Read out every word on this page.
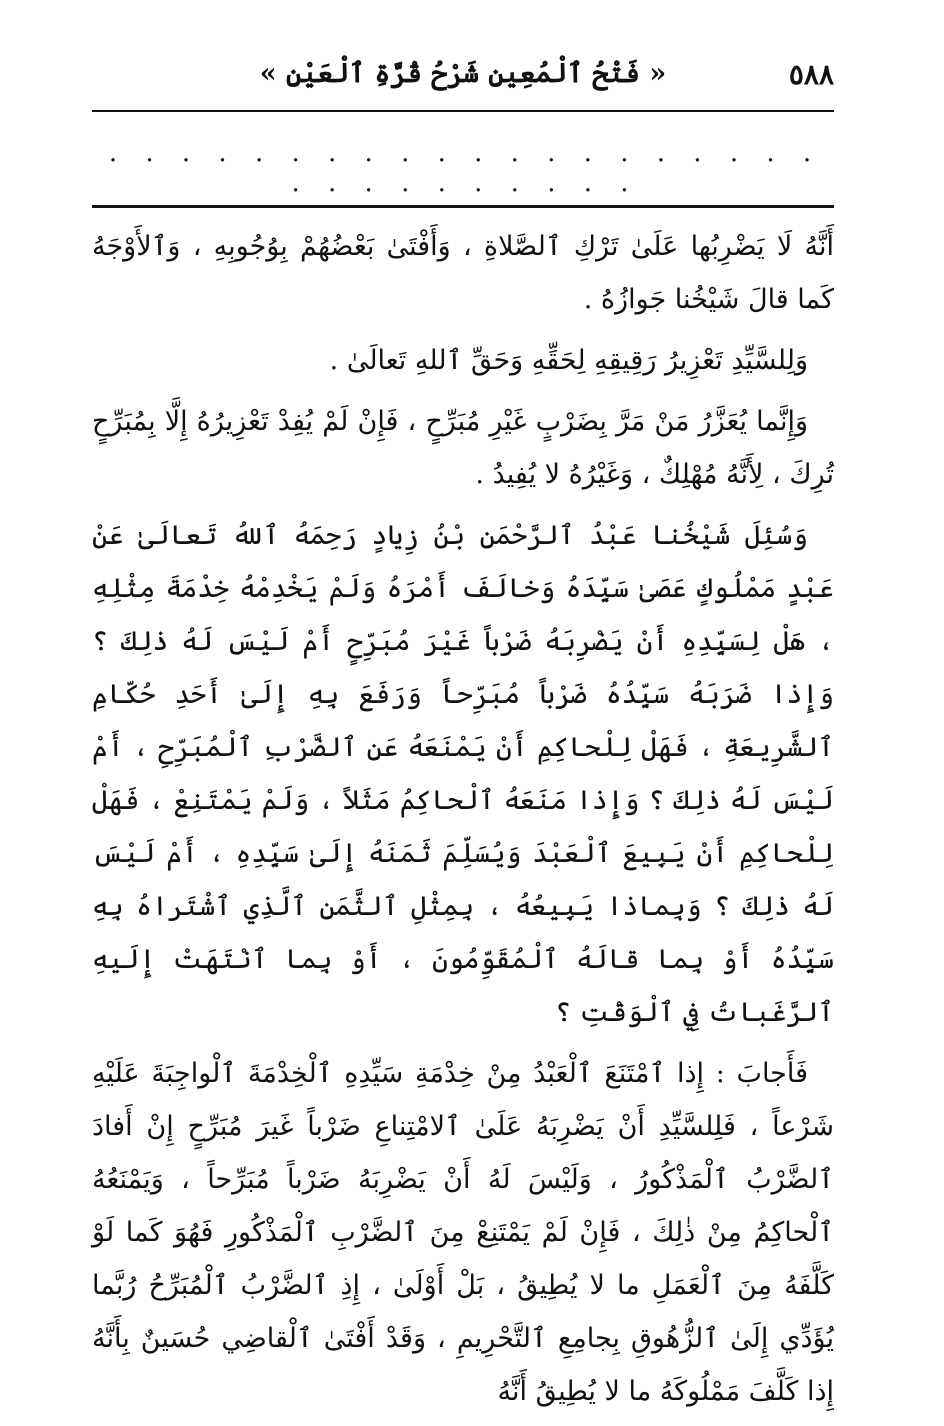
٥٨٨
« فَتْحُ ٱلْمُعِينِ شَرْحُ قُرَّةِ ٱلْعَيْنِ »
. . . . . . . . . . . . . . . . . . . . . . . . . . . . . .

أَنَّهُ لَا يَضْرِبُها عَلَىٰ تَرْكِ ٱلصَّلاةِ ، وَأَفْتَىٰ بَعْضُهُمْ بِوُجُوبِهِ ، وَٱلأَوْجَهُ كَما قالَ شَيْخُنا جَوازُهُ .

وَلِلسَّيِّدِ تَعْزِيرُ رَقِيقِهِ لِحَقِّهِ وَحَقِّ ٱللهِ تَعالَىٰ .

وَإِنَّما يُعَزَّرُ مَنْ مَرَّ بِضَرْبٍ غَيْرِ مُبَرِّحٍ ، فَإِنْ لَمْ يُفِدْ تَعْزِيرُهُ إِلَّا بِمُبَرِّحٍ تُرِكَ ، لِأَنَّهُ مُهْلِكٌ ، وَغَيْرُهُ لا يُفِيدُ .

وَسُئِلَ شَيْخُنا عَبْدُ ٱلرَّحْمَنِ بْنُ زِيادٍ رَحِمَهُ ٱللهُ تَعالَىٰ عَنْ عَبْدٍ مَمْلُوكٍ عَصَىٰ سَيِّدَهُ وَخالَفَ أَمْرَهُ وَلَمْ يَخْدِمْهُ خِدْمَةَ مِثْلِهِ ، هَلْ لِسَيِّدِهِ أَنْ يَضْرِبَهُ ضَرْباً غَيْرَ مُبَرِّحٍ أَمْ لَيْسَ لَهُ ذٰلِكَ ؟ وَإِذا ضَرَبَهُ سَيِّدُهُ ضَرْباً مُبَرِّحاً وَرَفَعَ بِهِ إِلَىٰ أَحَدِ حُكّامِ ٱلشَّرِيعَةِ ، فَهَلْ لِلْحاكِمِ أَنْ يَمْنَعَهُ عَنِ ٱلضَّرْبِ ٱلْمُبَرِّحِ ، أَمْ لَيْسَ لَهُ ذٰلِكَ ؟ وَإِذا مَنَعَهُ ٱلْحاكِمُ مَثَلاً ، وَلَمْ يَمْتَنِعْ ، فَهَلْ لِلْحاكِمِ أَنْ يَبِيعَ ٱلْعَبْدَ وَيُسَلِّمَ ثَمَنَهُ إِلَىٰ سَيِّدِهِ ، أَمْ لَيْسَ لَهُ ذٰلِكَ ؟ وَبِماذا يَبِيعُهُ ، بِمِثْلِ ٱلثَّمَنِ ٱلَّذِي ٱشْتَراهُ بِهِ سَيِّدُهُ أَوْ بِما قالَهُ ٱلْمُقَوِّمُونَ ، أَوْ بِما ٱنْتَهَتْ إِلَيهِ ٱلرَّغَباتُ فِي ٱلْوَقْتِ ؟

فَأَجابَ : إِذا ٱمْتَنَعَ ٱلْعَبْدُ مِنْ خِدْمَةِ سَيِّدِهِ ٱلْخِدْمَةَ ٱلْواجِبَةَ عَلَيْهِ شَرْعاً ، فَلِلسَّيِّدِ أَنْ يَضْرِبَهُ عَلَىٰ ٱلامْتِناعِ ضَرْباً غَيرَ مُبَرِّحٍ إِنْ أَفادَ ٱلضَّرْبُ ٱلْمَذْكُورُ ، وَلَيْسَ لَهُ أَنْ يَضْرِبَهُ ضَرْباً مُبَرِّحاً ، وَيَمْنَعُهُ ٱلْحاكِمُ مِنْ ذٰلِكَ ، فَإِنْ لَمْ يَمْتَنِعْ مِنَ ٱلضَّرْبِ ٱلْمَذْكُورِ فَهُوَ كَما لَوْ كَلَّفَهُ مِنَ ٱلْعَمَلِ ما لا يُطِيقُ ، بَلْ أَوْلَىٰ ، إِذِ ٱلضَّرْبُ ٱلْمُبَرِّحُ رُبَّما يُؤَدِّي إِلَىٰ ٱلزُّهُوقِ بِجامِعِ ٱلتَّحْرِيمِ ، وَقَدْ أَفْتَىٰ ٱلْقاضِي حُسَينٌ بِأَنَّهُ إِذا كَلَّفَ مَمْلُوكَهُ ما لا يُطِيقُ أَنَّهُ
